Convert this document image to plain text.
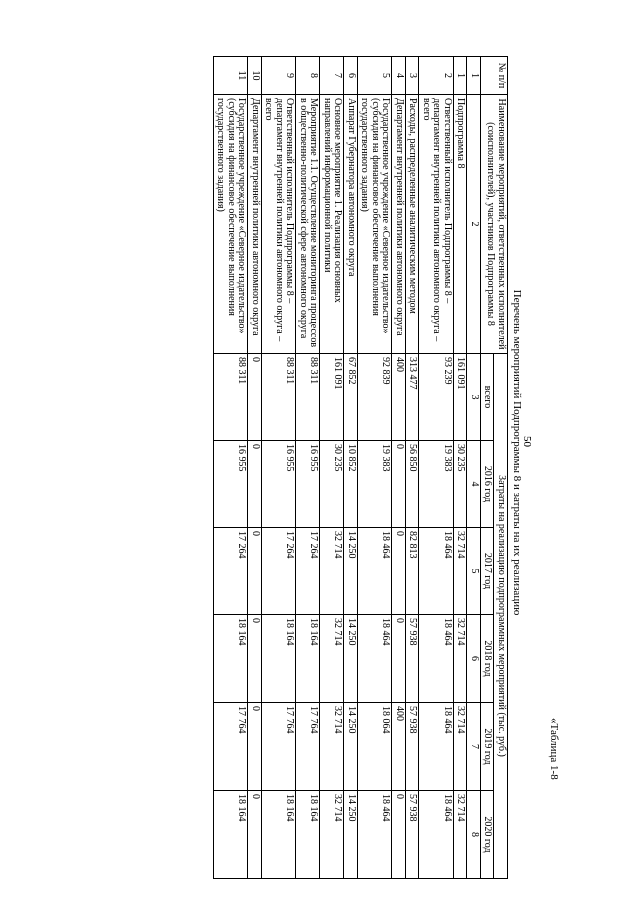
50
«Таблица 1-8
Перечень мероприятий Подпрограммы 8 и затраты на их реализацию
№ п/п	Наименование мероприятий, ответственных исполнителей (соисполнителей), участников Подпрограммы 8	Затраты на реализацию подпрограммных мероприятий (тыс. руб.)					
		всего	2016 год	2017 год	2018 год	2019 год	2020 год
1	2	3	4	5	6	7	8
1	Подпрограмма 8	161 091	30 235	32 714	32 714	32 714	32 714
2	Ответственный исполнитель Подпрограммы 8 – департамент внутренней политики автономного округа – всего	93 239	19 383	18 464	18 464	18 464	18 464
3	Расходы, распределенные аналитическим методом	313 477	56 850	82 813	57 938	57 938	57 938
4	Департамент внутренней политики автономного округа	400	0	0	0	400	0
5	Государственное учреждение «Северное издательство» (субсидия на финансовое обеспечение выполнения государственного задания)	92 839	19 383	18 464	18 464	18 064	18 464
6	Аппарат Губернатора автономного округа	67 852	10 852	14 250	14 250	14 250	14 250
7	Основное мероприятие 1. Реализация основных направлений информационной политики	161 091	30 235	32 714	32 714	32 714	32 714
8	Мероприятие 1.1. Осуществление мониторинга процессов в общественно-политической сфере автономного округа	88 311	16 955	17 264	18 164	17 764	18 164
9	Ответственный исполнитель Подпрограммы 8 – департамент внутренней политики автономного округа – всего	88 311	16 955	17 264	18 164	17 764	18 164
10	Департамент внутренней политики автономного округа	0	0	0	0	0	0
11	Государственное учреждение «Северное издательство» (субсидия на финансовое обеспечение выполнения государственного задания)	88 311	16 955	17 264	18 164	17 764	18 164
